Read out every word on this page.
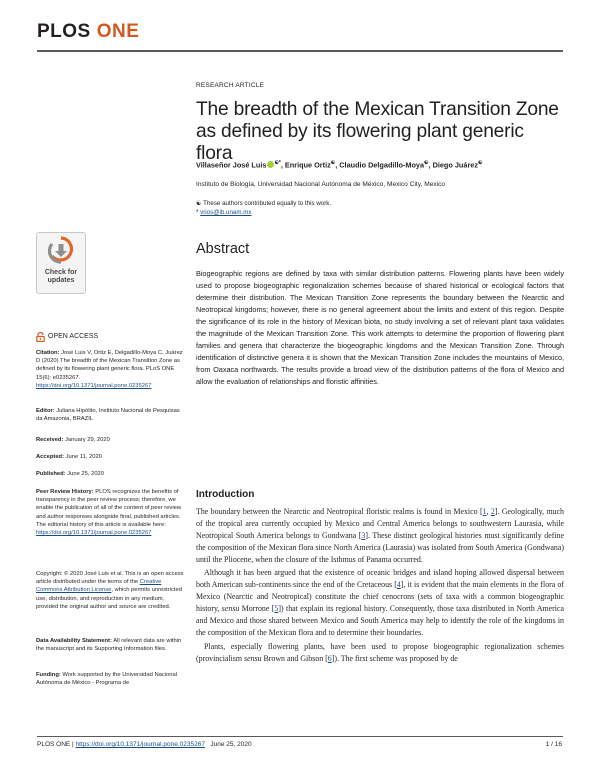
PLOS ONE
RESEARCH ARTICLE
The breadth of the Mexican Transition Zone as defined by its flowering plant generic flora
Villaseñor José Luis ☯*, Enrique Ortiz☯, Claudio Delgadillo-Moya☯, Diego Juárez☯
Instituto de Biología, Universidad Nacional Autónoma de México, Mexico City, Mexico
☯ These authors contributed equally to this work.
* vrios@ib.unam.mx
Abstract

Biogeographic regions are defined by taxa with similar distribution patterns. Flowering plants have been widely used to propose biogeographic regionalization schemes because of shared historical or ecological factors that determine their distribution. The Mexican Transition Zone represents the boundary between the Nearctic and Neotropical kingdoms; however, there is no general agreement about the limits and extent of this region. Despite the significance of its role in the history of Mexican biota, no study involving a set of relevant plant taxa validates the magnitude of the Mexican Transition Zone. This work attempts to determine the proportion of flowering plant families and genera that characterize the biogeographic kingdoms and the Mexican Transition Zone. Through identification of distinctive genera it is shown that the Mexican Transition Zone includes the mountains of Mexico, from Oaxaca northwards. The results provide a broad view of the distribution patterns of the flora of Mexico and allow the evaluation of relationships and floristic affinities.

Introduction

The boundary between the Nearctic and Neotropical floristic realms is found in Mexico [1, 2]. Geologically, much of the tropical area currently occupied by Mexico and Central America belongs to southwestern Laurasia, while Neotropical South America belongs to Gondwana [3]. These distinct geological histories must significantly define the composition of the Mexican flora since North America (Laurasia) was isolated from South America (Gondwana) until the Pliocene, when the closure of the Isthmus of Panama occurred.

Although it has been argued that the existence of oceanic bridges and island hoping allowed dispersal between both American sub-continents since the end of the Cretaceous [4], it is evident that the main elements in the flora of Mexico (Nearctic and Neotropical) constitute the chief cenocrons (sets of taxa with a common biogeographic history, sensu Morrone [5]) that explain its regional history. Consequently, those taxa distributed in North America and Mexico and those shared between Mexico and South America may help to identify the role of the kingdoms in the composition of the Mexican flora and to determine their boundaries.

Plants, especially flowering plants, have been used to propose biogeographic regionalization schemes (provincialism sensu Brown and Gibson [6]). The first scheme was proposed by de

Check for
updates
OPEN ACCESS
Citation: José Luis V, Ortiz E, Delgadillo-Moya C, Juárez D (2020) The breadth of the Mexican Transition Zone as defined by its flowering plant generic flora. PLoS ONE 15(6): e0235267. https://doi.org/10.1371/journal.pone.0235267
Editor: Juliana Hipólito, Instituto Nacional de Pesquisas da Amazonia, BRAZIL
Received: January 29, 2020
Accepted: June 11, 2020
Published: June 25, 2020
Peer Review History: PLOS recognizes the benefits of transparency in the peer review process; therefore, we enable the publication of all of the content of peer review and author responses alongside final, published articles. The editorial history of this article is available here: https://doi.org/10.1371/journal.pone.0235267
Copyright: © 2020 José Luis et al. This is an open access article distributed under the terms of the Creative Commons Attribution License, which permits unrestricted use, distribution, and reproduction in any medium, provided the original author and source are credited.
Data Availability Statement: All relevant data are within the manuscript and its Supporting Information files.
Funding: Work supported by the Universidad Nacional Autónoma de México - Programa de
PLOS ONE | https://doi.org/10.1371/journal.pone.0235267 June 25, 2020	1 / 16
